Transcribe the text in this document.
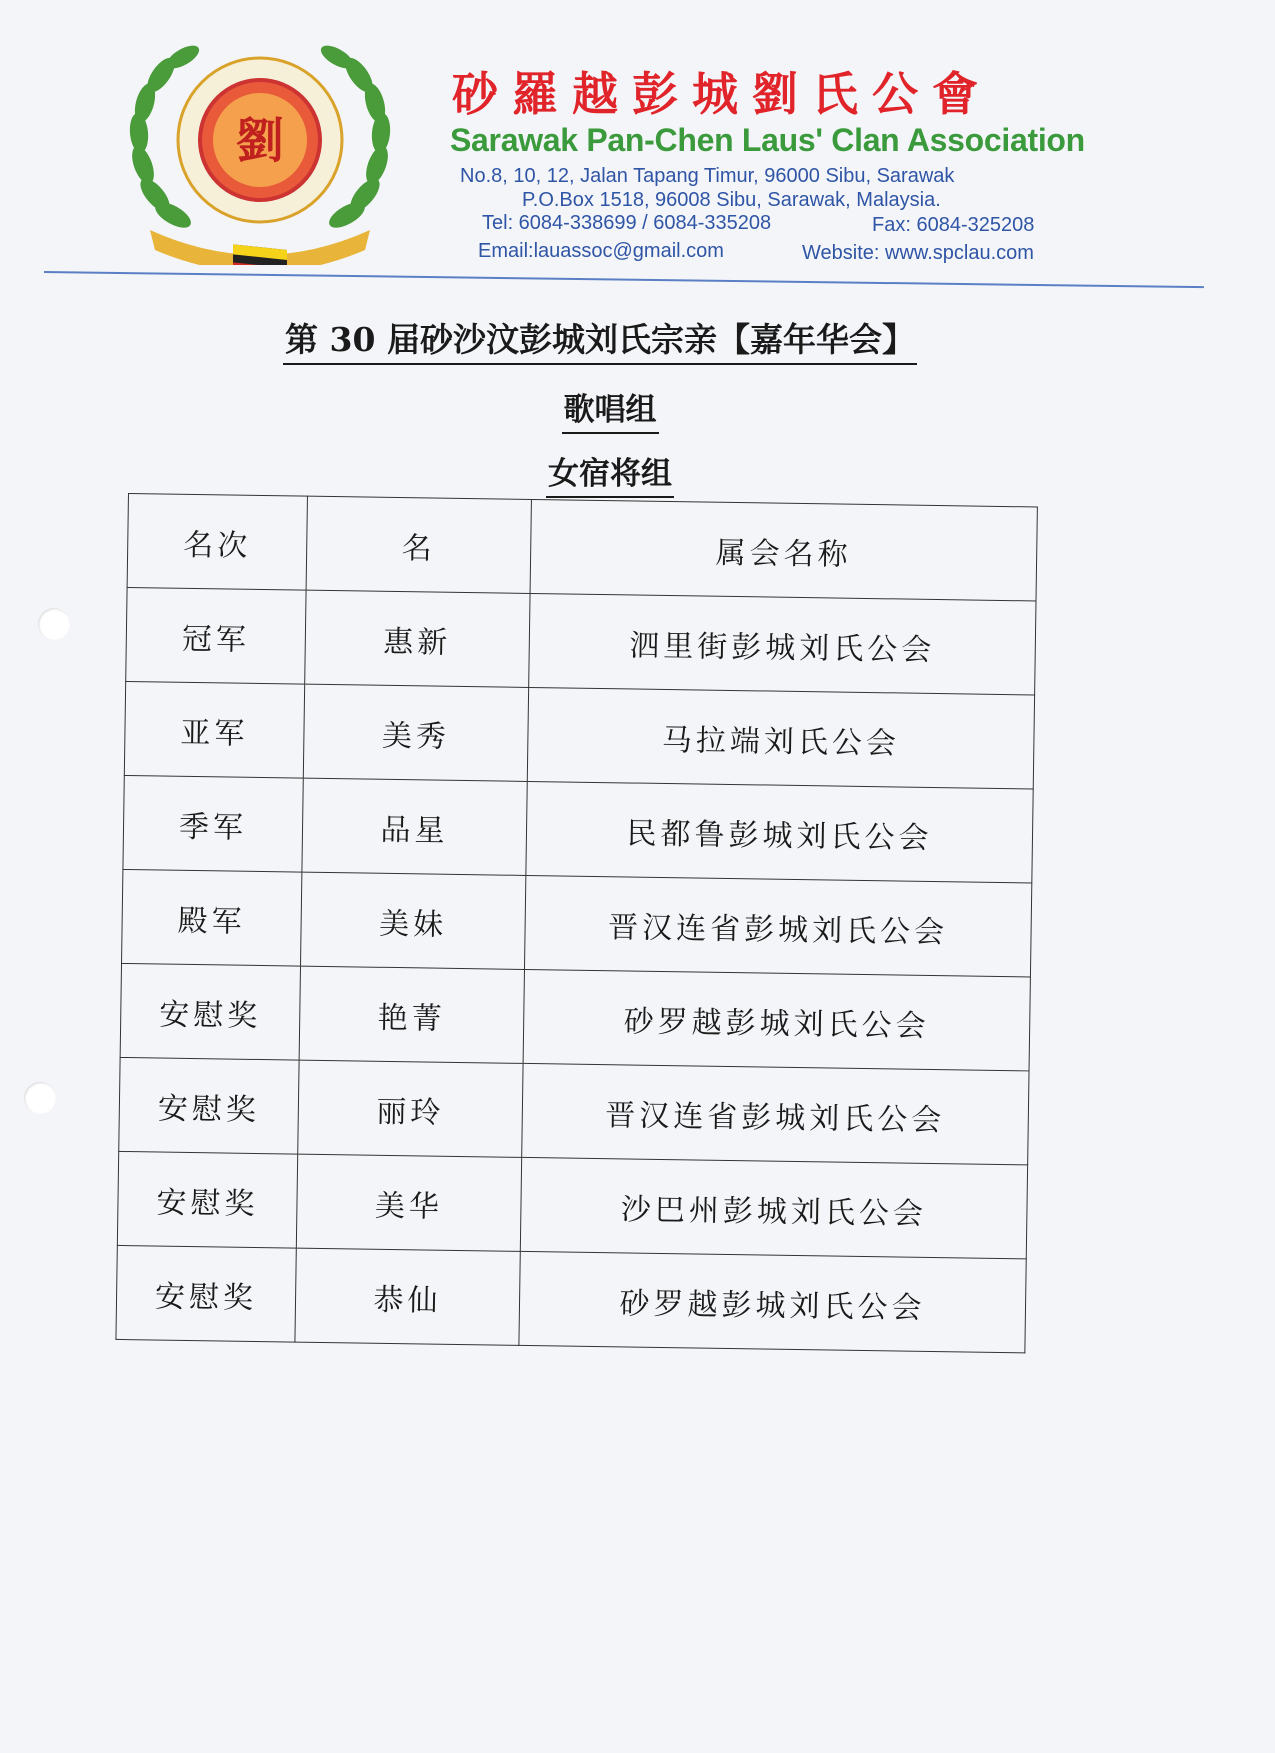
劉
砂羅越彭城劉氏公會
Sarawak Pan-Chen Laus' Clan Association
No.8, 10, 12, Jalan Tapang Timur, 96000 Sibu, Sarawak
P.O.Box 1518, 96008 Sibu, Sarawak, Malaysia.
Tel: 6084-338699 / 6084-335208	Fax: 6084-325208
Email:lauassoc@gmail.com	Website: www.spclau.com
第 30 届砂沙汶彭城刘氏宗亲【嘉年华会】
歌唱组
女宿将组
名次	名	属会名称
冠军	惠新	泗里街彭城刘氏公会
亚军	美秀	马拉端刘氏公会
季军	品星	民都鲁彭城刘氏公会
殿军	美妹	晋汉连省彭城刘氏公会
安慰奖	艳菁	砂罗越彭城刘氏公会
安慰奖	丽玲	晋汉连省彭城刘氏公会
安慰奖	美华	沙巴州彭城刘氏公会
安慰奖	恭仙	砂罗越彭城刘氏公会
